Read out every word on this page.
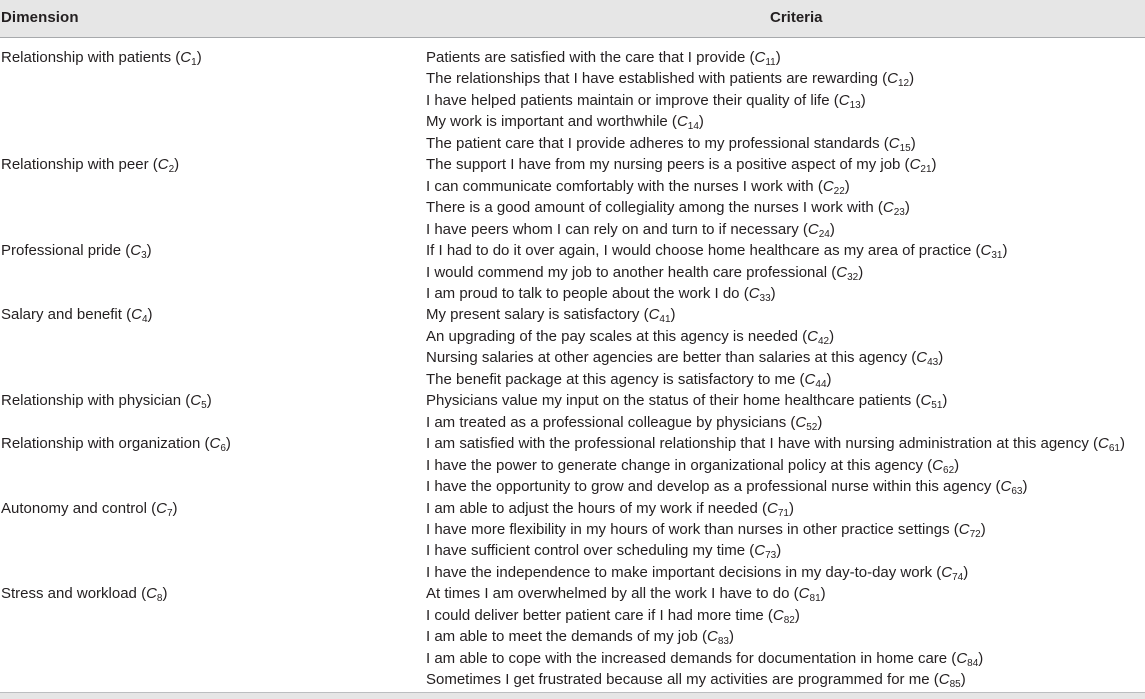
Dimension	Criteria
Relationship with patients $(C_1)$	Patients are satisfied with the care that I provide $(C_{11})$
The relationships that I have established with patients are rewarding $(C_{12})$
I have helped patients maintain or improve their quality of life $(C_{13})$
My work is important and worthwhile $(C_{14})$
The patient care that I provide adheres to my professional standards $(C_{15})$
Relationship with peer $(C_2)$	The support I have from my nursing peers is a positive aspect of my job $(C_{21})$
I can communicate comfortably with the nurses I work with $(C_{22})$
There is a good amount of collegiality among the nurses I work with $(C_{23})$
I have peers whom I can rely on and turn to if necessary $(C_{24})$
Professional pride $(C_3)$	If I had to do it over again, I would choose home healthcare as my area of practice $(C_{31})$
I would commend my job to another health care professional $(C_{32})$
I am proud to talk to people about the work I do $(C_{33})$
Salary and benefit $(C_4)$	My present salary is satisfactory $(C_{41})$
An upgrading of the pay scales at this agency is needed $(C_{42})$
Nursing salaries at other agencies are better than salaries at this agency $(C_{43})$
The benefit package at this agency is satisfactory to me $(C_{44})$
Relationship with physician $(C_5)$	Physicians value my input on the status of their home healthcare patients $(C_{51})$
I am treated as a professional colleague by physicians $(C_{52})$
Relationship with organization $(C_6)$	I am satisfied with the professional relationship that I have with nursing administration at this agency $(C_{61})$
I have the power to generate change in organizational policy at this agency $(C_{62})$
I have the opportunity to grow and develop as a professional nurse within this agency $(C_{63})$
Autonomy and control $(C_7)$	I am able to adjust the hours of my work if needed $(C_{71})$
I have more flexibility in my hours of work than nurses in other practice settings $(C_{72})$
I have sufficient control over scheduling my time $(C_{73})$
I have the independence to make important decisions in my day-to-day work $(C_{74})$
Stress and workload $(C_8)$	At times I am overwhelmed by all the work I have to do $(C_{81})$
I could deliver better patient care if I had more time $(C_{82})$
I am able to meet the demands of my job $(C_{83})$
I am able to cope with the increased demands for documentation in home care $(C_{84})$
Sometimes I get frustrated because all my activities are programmed for me $(C_{85})$
